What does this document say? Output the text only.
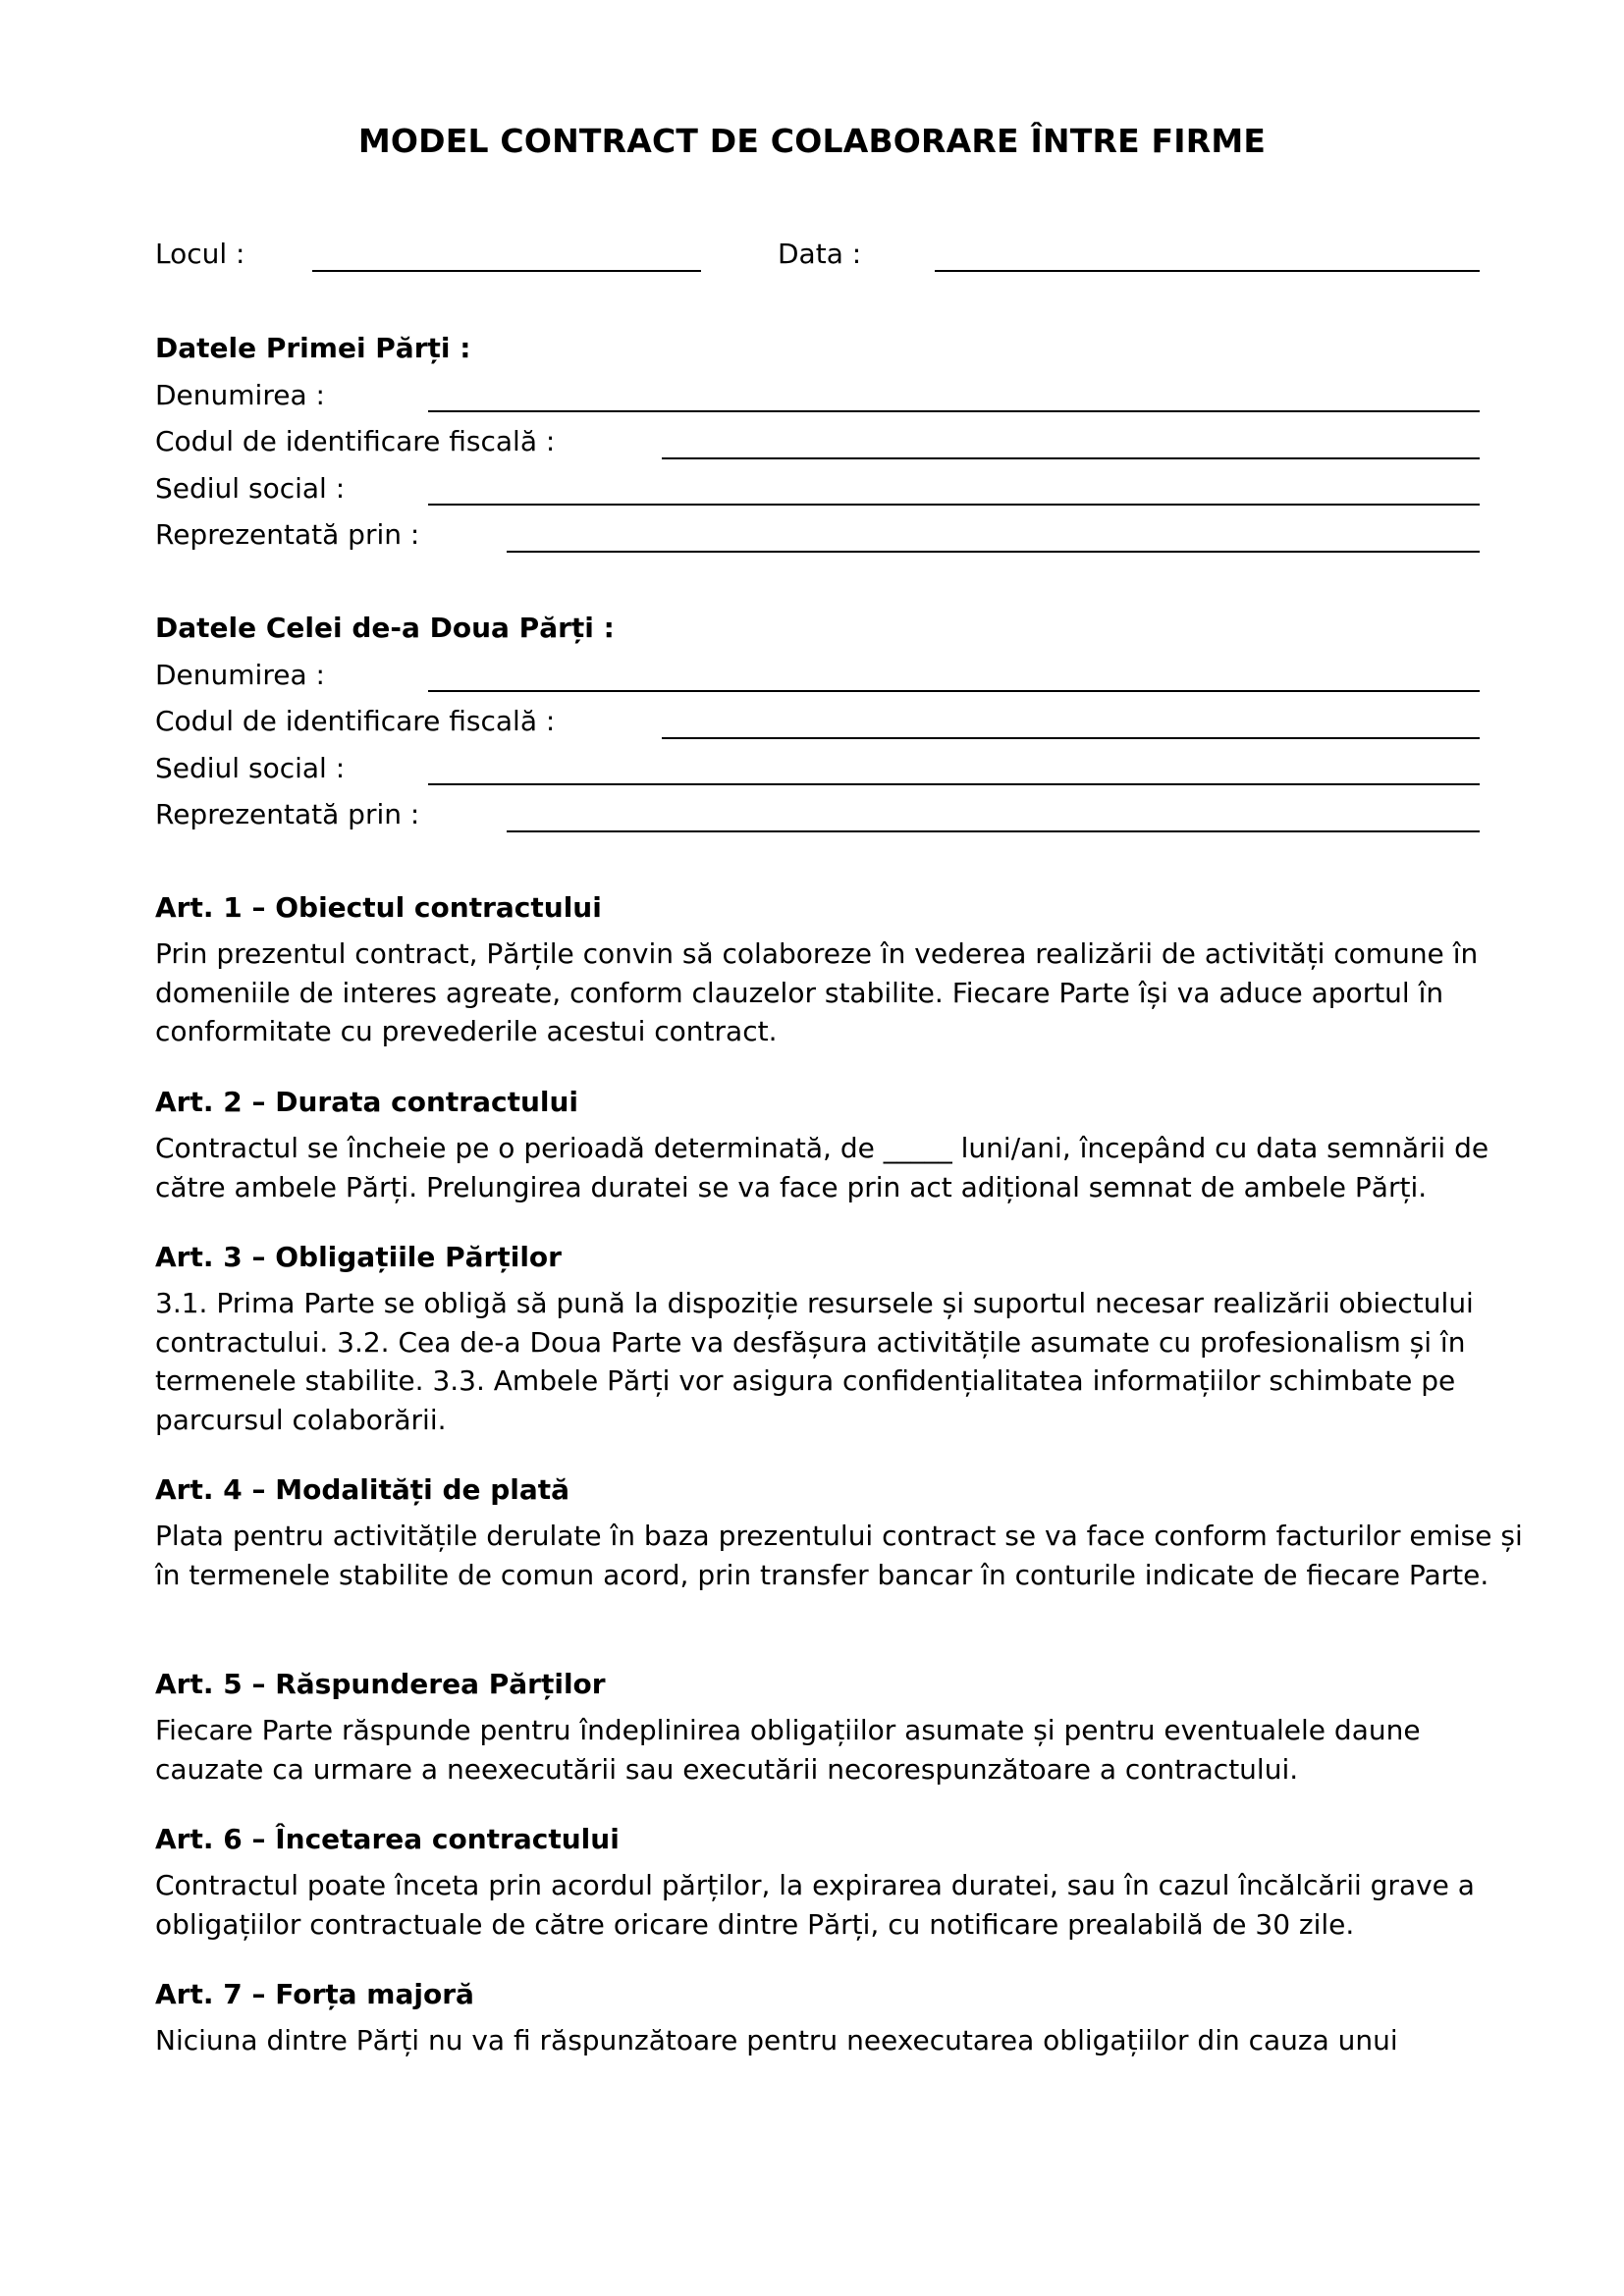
MODEL CONTRACT DE COLABORARE ÎNTRE FIRME
Locul :	Data :
Datele Primei Părți :
Denumirea :
Codul de identificare fiscală :
Sediul social :
Reprezentată prin :
Datele Celei de-a Doua Părți :
Denumirea :
Codul de identificare fiscală :
Sediul social :
Reprezentată prin :
Art. 1 – Obiectul contractului
Prin prezentul contract, Părțile convin să colaboreze în vederea realizării de activități comune în domeniile de interes agreate, conform clauzelor stabilite. Fiecare Parte își va aduce aportul în conformitate cu prevederile acestui contract.
Art. 2 – Durata contractului
Contractul se încheie pe o perioadă determinată, de _____ luni/ani, începând cu data semnării de către ambele Părți. Prelungirea duratei se va face prin act adițional semnat de ambele Părți.
Art. 3 – Obligațiile Părților
3.1. Prima Parte se obligă să pună la dispoziție resursele și suportul necesar realizării obiectului contractului. 3.2. Cea de-a Doua Parte va desfășura activitățile asumate cu profesionalism și în termenele stabilite. 3.3. Ambele Părți vor asigura confidențialitatea informațiilor schimbate pe parcursul colaborării.
Art. 4 – Modalități de plată
Plata pentru activitățile derulate în baza prezentului contract se va face conform facturilor emise și în termenele stabilite de comun acord, prin transfer bancar în conturile indicate de fiecare Parte.
Art. 5 – Răspunderea Părților
Fiecare Parte răspunde pentru îndeplinirea obligațiilor asumate și pentru eventualele daune cauzate ca urmare a neexecutării sau executării necorespunzătoare a contractului.
Art. 6 – Încetarea contractului
Contractul poate înceta prin acordul părților, la expirarea duratei, sau în cazul încălcării grave a obligațiilor contractuale de către oricare dintre Părți, cu notificare prealabilă de 30 zile.
Art. 7 – Forța majoră
Niciuna dintre Părți nu va fi răspunzătoare pentru neexecutarea obligațiilor din cauza unui
